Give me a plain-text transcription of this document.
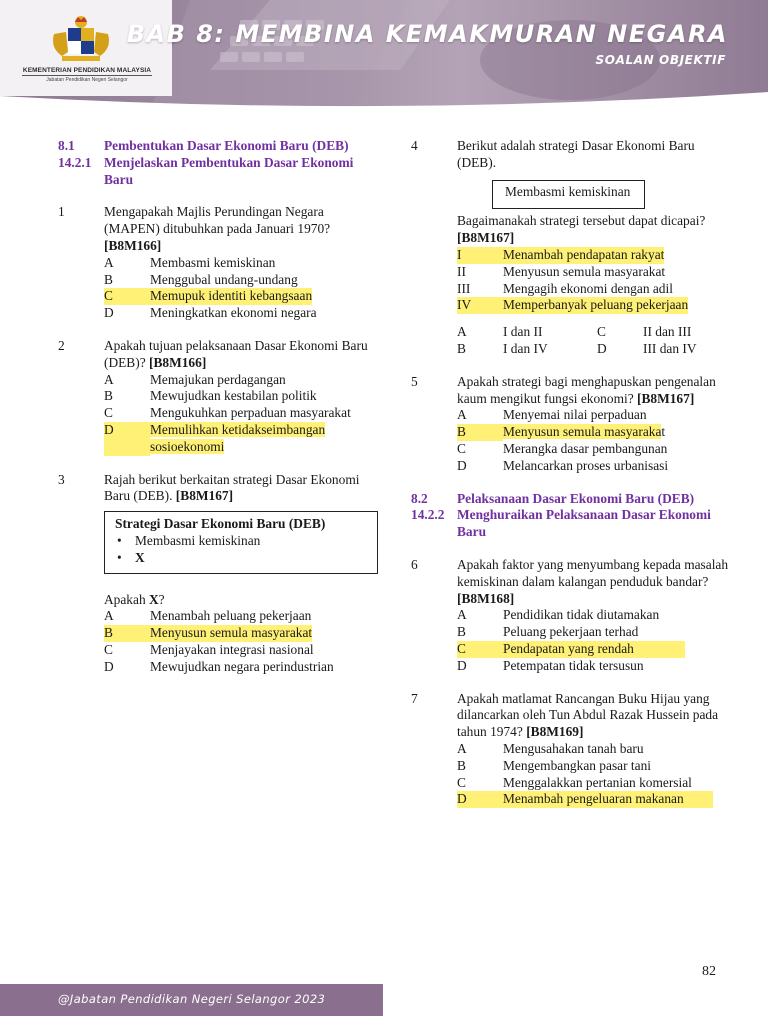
KEMENTERIAN PENDIDIKAN MALAYSIA
Jabatan Pendidikan Negeri Selangor
BAB 8: MEMBINA KEMAKMURAN NEGARA
SOALAN OBJEKTIF
8.1	Pembentukan Dasar Ekonomi Baru (DEB)
14.2.1 Menjelaskan Pembentukan Dasar Ekonomi Baru
1	Mengapakah Majlis Perundingan Negara (MAPEN) ditubuhkan pada Januari 1970?
[B8M166]
A	Membasmi kemiskinan
B	Menggubal undang-undang
C	Memupuk identiti kebangsaan
D	Meningkatkan ekonomi negara
2	Apakah tujuan pelaksanaan Dasar Ekonomi Baru (DEB)? [B8M166]
A	Memajukan perdagangan
B	Mewujudkan kestabilan politik
C	Mengukuhkan perpaduan masyarakat
D	Memulihkan ketidakseimbangan
sosioekonomi
3	Rajah berikut berkaitan strategi Dasar Ekonomi Baru (DEB). [B8M167]
Strategi Dasar Ekonomi Baru (DEB)
• Membasmi kemiskinan
• X
Apakah X?
A	Menambah peluang pekerjaan
B	Menyusun semula masyarakat
C	Menjayakan integrasi nasional
D	Mewujudkan negara perindustrian
4	Berikut adalah strategi Dasar Ekonomi Baru (DEB).
Membasmi kemiskinan
Bagaimanakah strategi tersebut dapat dicapai? [B8M167]
I	Menambah pendapatan rakyat
II	Menyusun semula masyarakat
III	Mengagih ekonomi dengan adil
IV	Memperbanyak peluang pekerjaan
A	I dan II	C	II dan III
B	I dan IV	D	III dan IV
5	Apakah strategi bagi menghapuskan pengenalan kaum mengikut fungsi ekonomi? [B8M167]
A	Menyemai nilai perpaduan
B	Menyusun semula masyarakat
C	Merangka dasar pembangunan
D	Melancarkan proses urbanisasi
8.2	Pelaksanaan Dasar Ekonomi Baru (DEB)
14.2.2 Menghuraikan Pelaksanaan Dasar Ekonomi Baru
6	Apakah faktor yang menyumbang kepada masalah kemiskinan dalam kalangan penduduk bandar? [B8M168]
A	Pendidikan tidak diutamakan
B	Peluang pekerjaan terhad
C	Pendapatan yang rendah
D	Petempatan tidak tersusun
7	Apakah matlamat Rancangan Buku Hijau yang dilancarkan oleh Tun Abdul Razak Hussein pada tahun 1974? [B8M169]
A	Mengusahakan tanah baru
B	Mengembangkan pasar tani
C	Menggalakkan pertanian komersial
D	Menambah pengeluaran makanan
82
@Jabatan Pendidikan Negeri Selangor 2023
